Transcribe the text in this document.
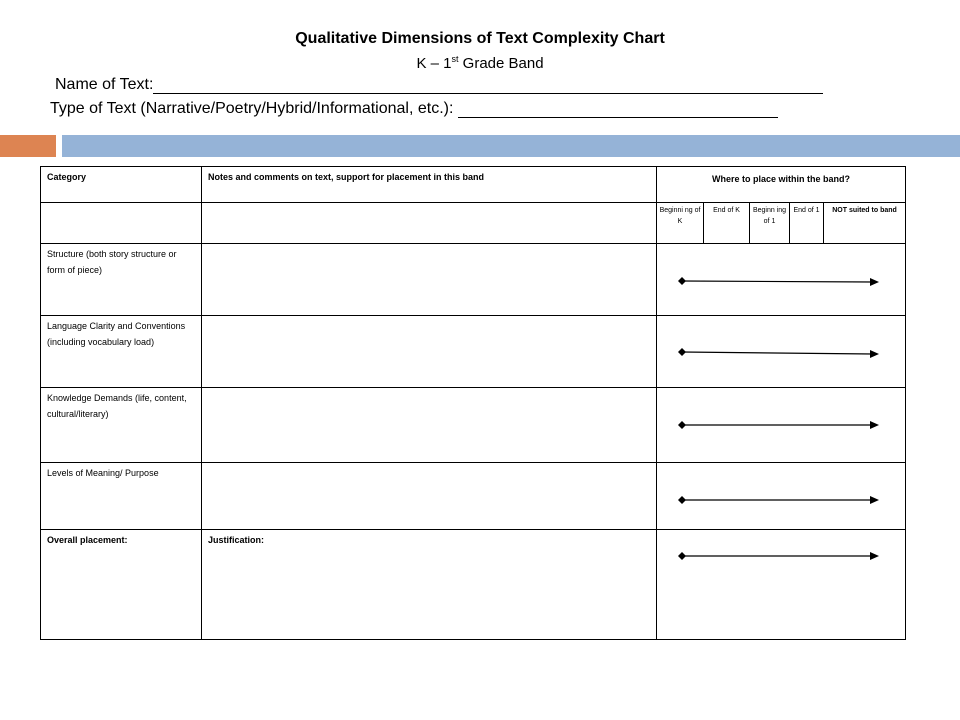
Qualitative Dimensions of Text Complexity Chart
K – 1st Grade Band
Name of Text:
Type of Text (Narrative/Poetry/Hybrid/Informational, etc.):
Category	Notes and comments on text, support for placement in this band	Where to place within the band?				
		Beginni ng of K	End of K	Beginn ing of 1	End of 1	NOT suited to band
Structure (both story structure or form of piece)		

Language Clarity and Conventions (including vocabulary load)		

Knowledge Demands (life, content, cultural/literary)		

Levels of Meaning/ Purpose		

Overall placement:	Justification:	
